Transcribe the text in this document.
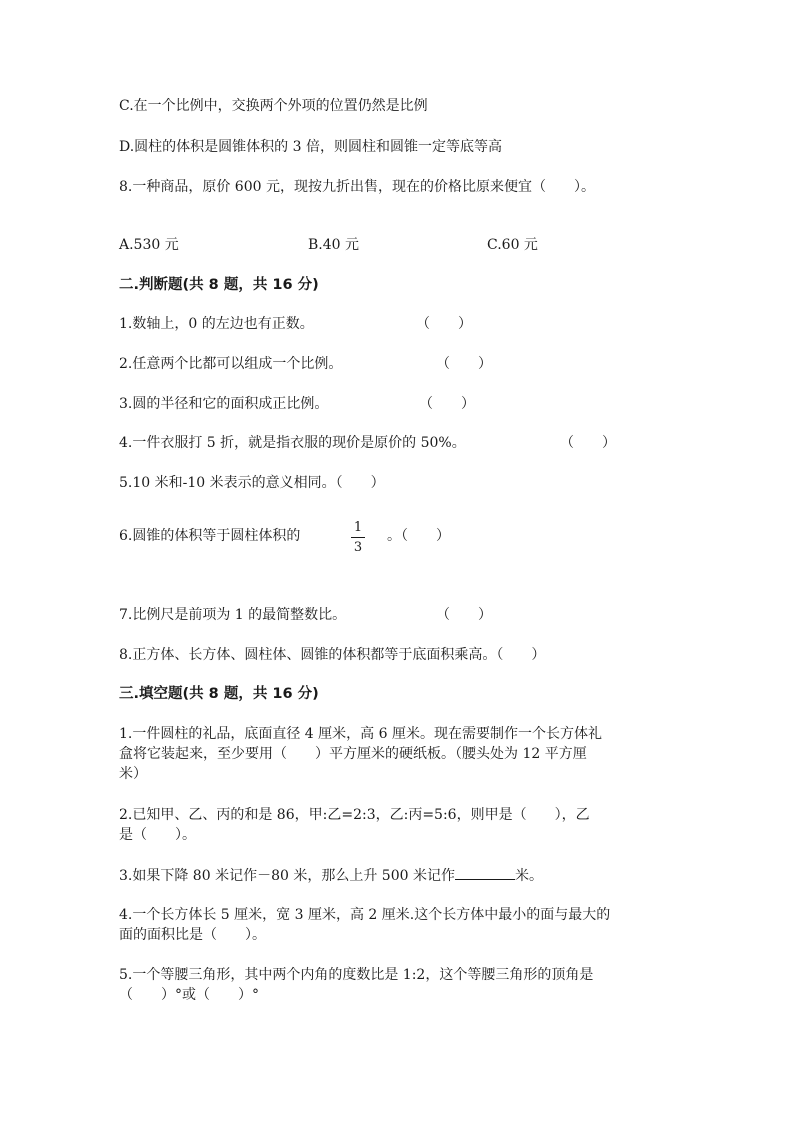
C.在一个比例中，交换两个外项的位置仍然是比例
D.圆柱的体积是圆锥体积的 3 倍，则圆柱和圆锥一定等底等高
8.一种商品，原价 600 元，现按九折出售，现在的价格比原来便宜（　　）。
A.530 元	B.40 元	C.60 元
二.判断题(共 8 题，共 16 分)
1.数轴上，0 的左边也有正数。	（　　）
2.任意两个比都可以组成一个比例。	（　　）
3.圆的半径和它的面积成正比例。	（　　）
4.一件衣服打 5 折，就是指衣服的现价是原价的 50%。	（　　）
5.10 米和-10 米表示的意义相同。（　　）
6.圆锥的体积等于圆柱体积的
1
3
。（　　）
7.比例尺是前项为 1 的最简整数比。	（　　）
8.正方体、长方体、圆柱体、圆锥的体积都等于底面积乘高。（　　）
三.填空题(共 8 题，共 16 分)
1.一件圆柱的礼品，底面直径 4 厘米，高 6 厘米。现在需要制作一个长方体礼
盒将它装起来，至少要用（　　）平方厘米的硬纸板。（腰头处为 12 平方厘
米）
2.已知甲、乙、丙的和是 86，甲:乙=2:3，乙:丙=5:6，则甲是（　　），乙
是（　　）。
3.如果下降 80 米记作－80 米，那么上升 500 米记作	米。
4.一个长方体长 5 厘米，宽 3 厘米，高 2 厘米.这个长方体中最小的面与最大的
面的面积比是（　　）。
5.一个等腰三角形，其中两个内角的度数比是 1:2，这个等腰三角形的顶角是
（　　）°或（　　）°
